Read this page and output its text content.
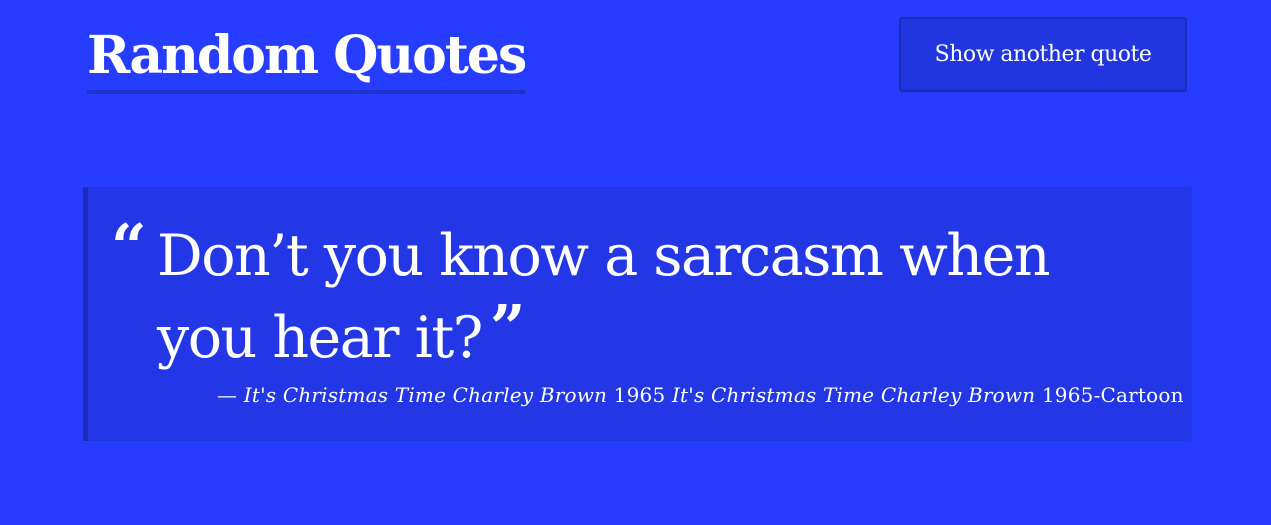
Random Quotes	Show another quote
“ Don’t you know a sarcasm when you hear it? ”

— It's Christmas Time Charley Brown 1965 It's Christmas Time Charley Brown 1965-Cartoon
